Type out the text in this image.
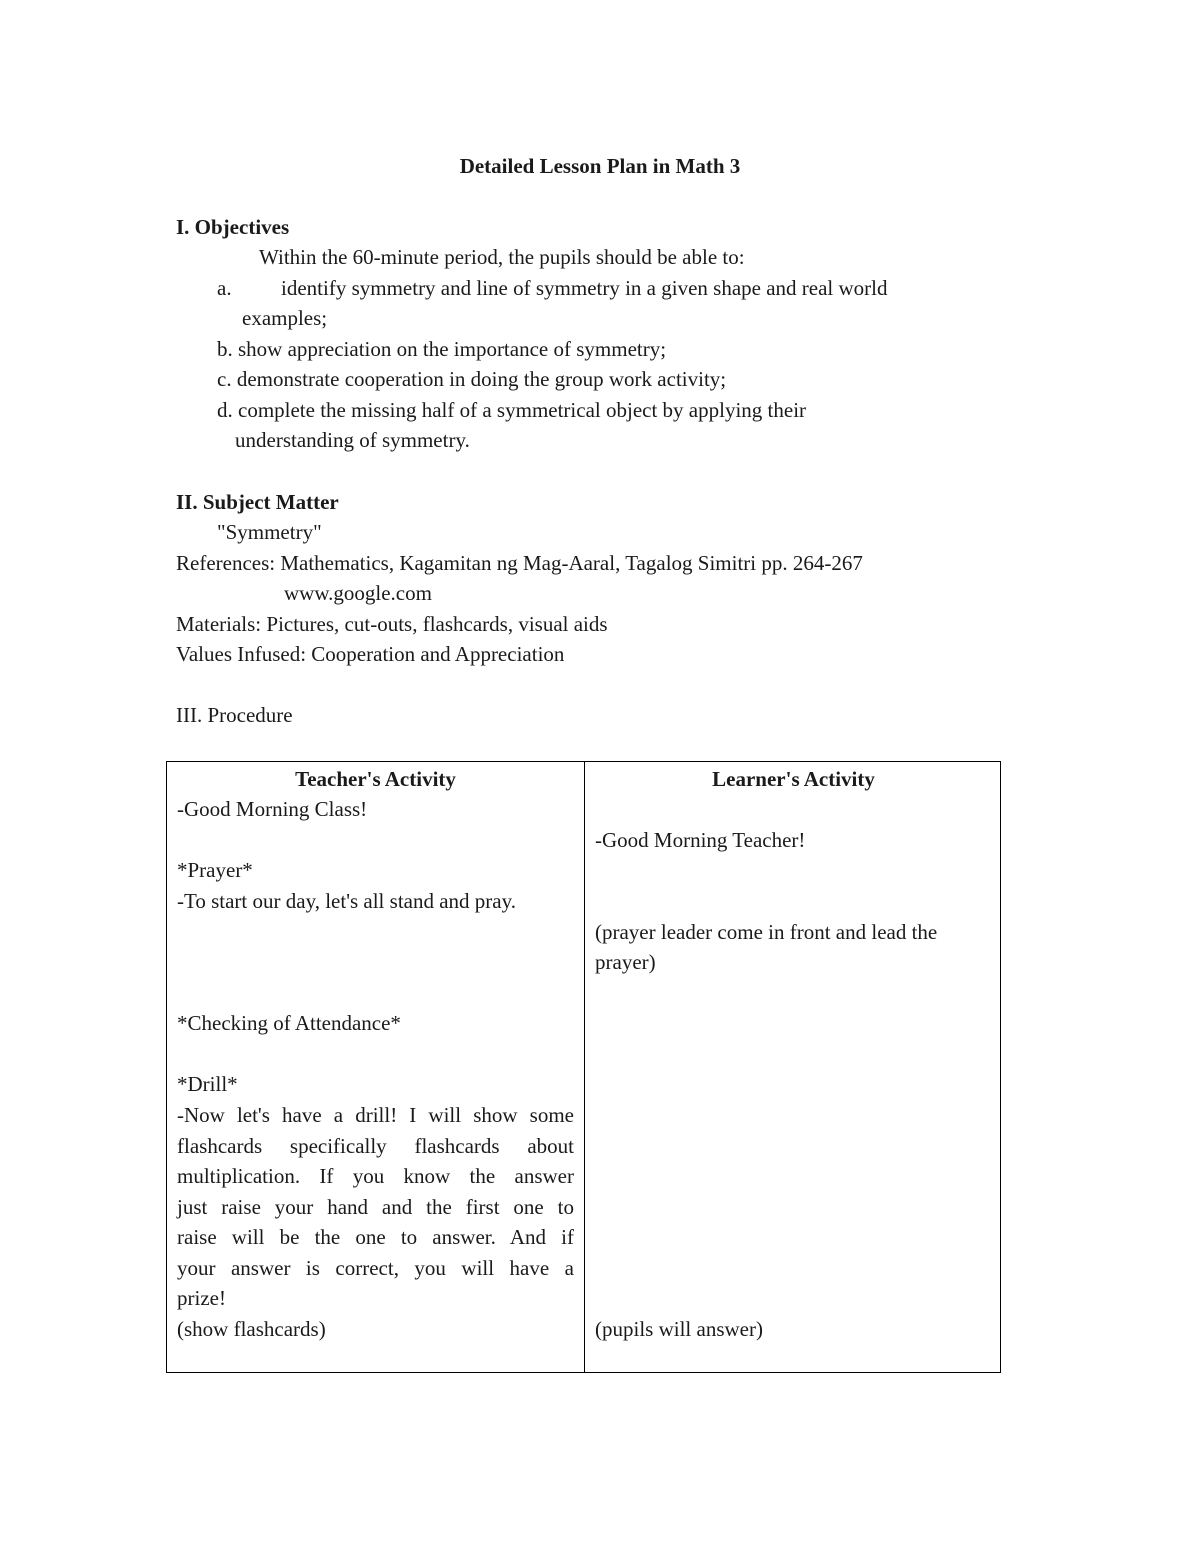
Detailed Lesson Plan in Math 3
I. Objectives
Within the 60-minute period, the pupils should be able to:
a. identify symmetry and line of symmetry in a given shape and real world
examples;
b. show appreciation on the importance of symmetry;
c. demonstrate cooperation in doing the group work activity;
d. complete the missing half of a symmetrical object by applying their
understanding of symmetry.
II. Subject Matter
"Symmetry"
References: Mathematics, Kagamitan ng Mag-Aaral, Tagalog Simitri pp. 264-267
www.google.com
Materials: Pictures, cut-outs, flashcards, visual aids
Values Infused: Cooperation and Appreciation
III. Procedure
Teacher's Activity
-Good Morning Class!
*Prayer*
-To start our day, let's all stand and pray.
*Checking of Attendance*
*Drill*
-Now let's have a drill! I will show some
flashcards specifically flashcards about
multiplication. If you know the answer
just raise your hand and the first one to
raise will be the one to answer. And if
your answer is correct, you will have a
prize!
(show flashcards)
Learner's Activity
-Good Morning Teacher!
(prayer leader come in front and lead the
prayer)
(pupils will answer)
